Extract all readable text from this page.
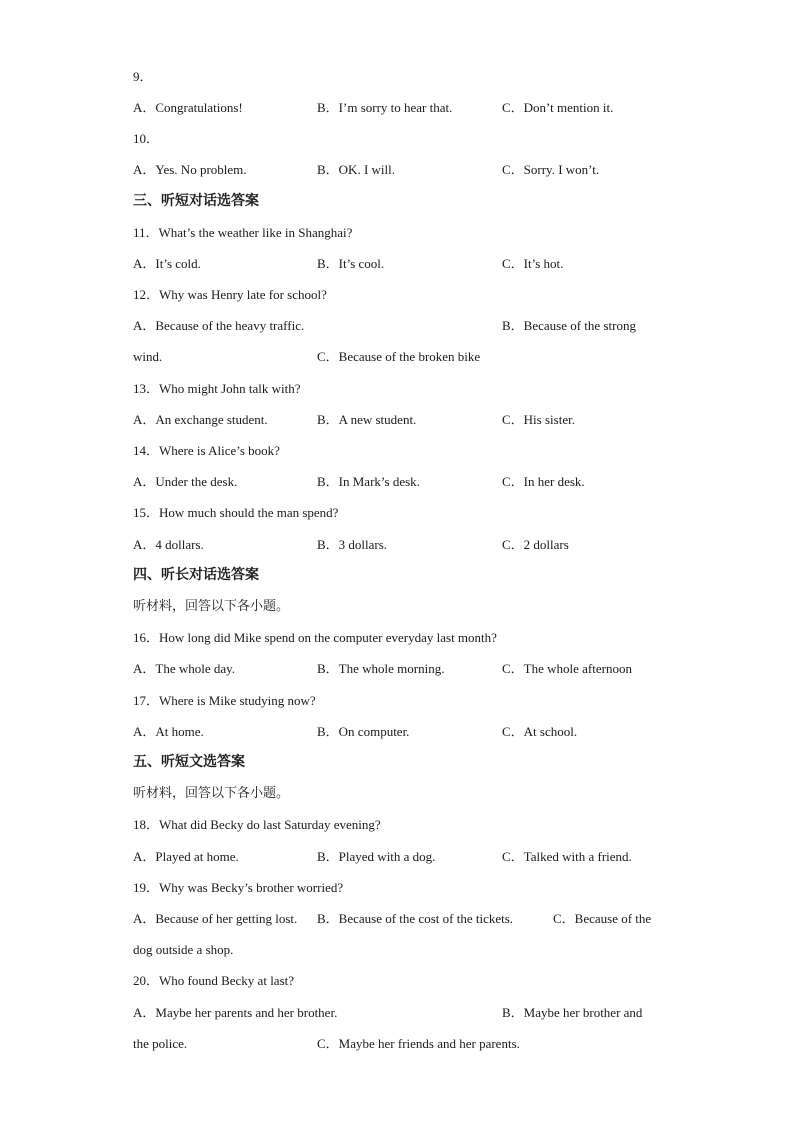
9．
A．Congratulations!	B．I’m sorry to hear that.	C．Don’t mention it.
10．
A．Yes. No problem.	B．OK. I will.	C．Sorry. I won’t.
三、听短对话选答案
11．What’s the weather like in Shanghai?
A．It’s cold.	B．It’s cool.	C．It’s hot.
12．Why was Henry late for school?
A．Because of the heavy traffic.	B．Because of the strong
wind.	C．Because of the broken bike
13．Who might John talk with?
A．An exchange student.	B．A new student.	C．His sister.
14．Where is Alice’s book?
A．Under the desk.	B．In Mark’s desk.	C．In her desk.
15．How much should the man spend?
A．4 dollars.	B．3 dollars.	C．2 dollars
四、听长对话选答案
听材料，回答以下各小题。
16．How long did Mike spend on the computer everyday last month?
A．The whole day.	B．The whole morning.	C．The whole afternoon
17．Where is Mike studying now?
A．At home.	B．On computer.	C．At school.
五、听短文选答案
听材料，回答以下各小题。
18．What did Becky do last Saturday evening?
A．Played at home.	B．Played with a dog.	C．Talked with a friend.
19．Why was Becky’s brother worried?
A．Because of her getting lost. B．Because of the cost of the tickets.	C．Because of the
dog outside a shop.
20．Who found Becky at last?
A．Maybe her parents and her brother.	B．Maybe her brother and
the police.	C．Maybe her friends and her parents.
